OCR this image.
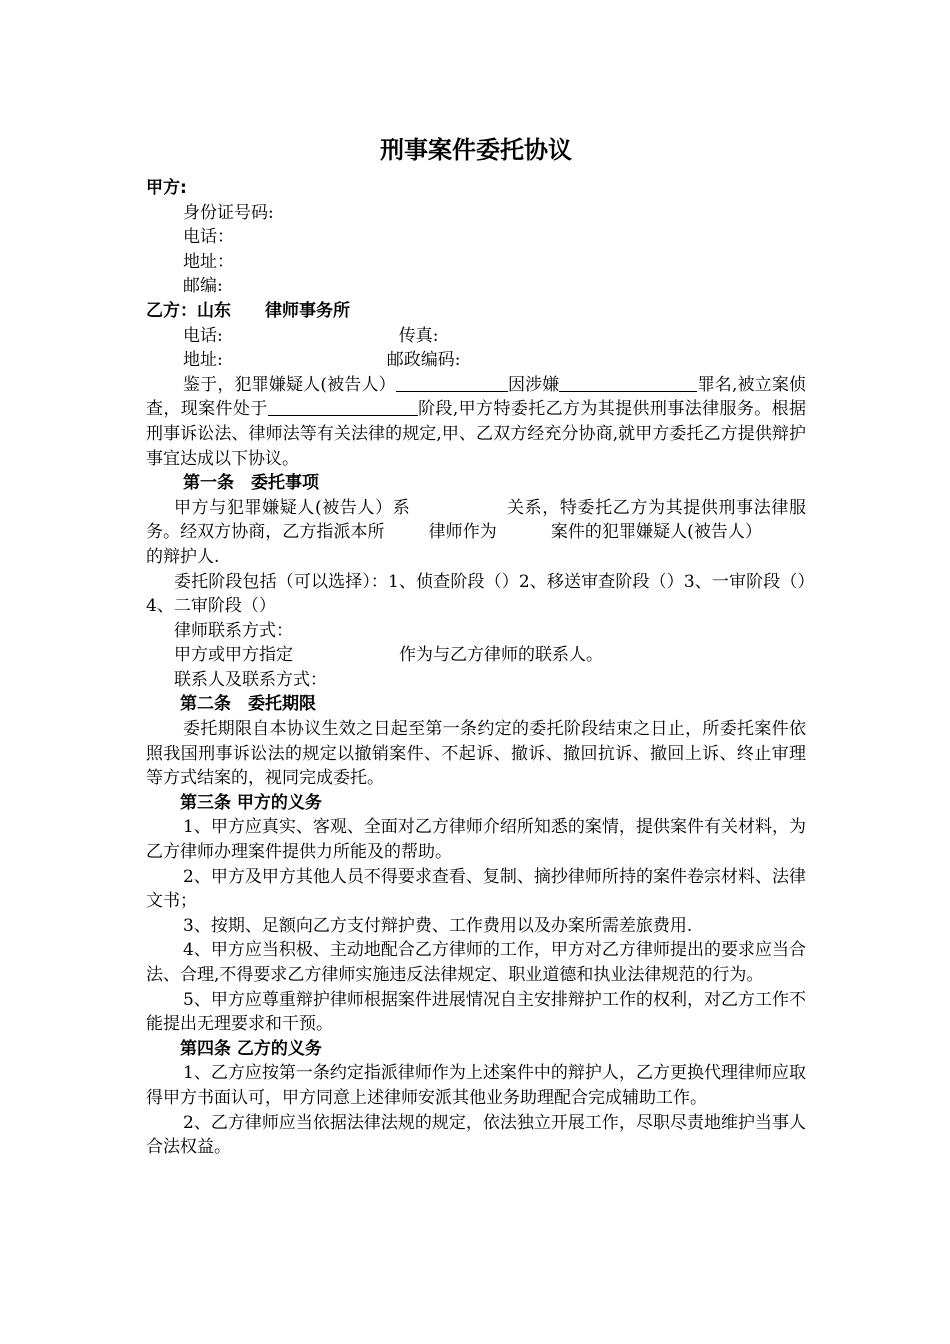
刑事案件委托协议
甲方:
身份证号码:
电话：
地址：
邮编:
乙方：山东 律师事务所
电话:	传真:
地址:	邮政编码:
鉴于，犯罪嫌疑人(被告人）	因涉嫌	罪名,被立案侦查，现案件处于	阶段,甲方特委托乙方为其提供刑事法律服务。根据刑事诉讼法、律师法等有关法律的规定,甲、乙双方经充分协商,就甲方委托乙方提供辩护事宜达成以下协议。
第一条　委托事项
甲方与犯罪嫌疑人(被告人）系	关系，特委托乙方为其提供刑事法律服务。经双方协商，乙方指派本所	律师作为	案件的犯罪嫌疑人(被告人）的辩护人.
委托阶段包括（可以选择）：1、侦查阶段（）2、移送审查阶段（）3、一审阶段（）4、二审阶段（）
律师联系方式：
甲方或甲方指定	作为与乙方律师的联系人。
联系人及联系方式：
第二条　委托期限
委托期限自本协议生效之日起至第一条约定的委托阶段结束之日止，所委托案件依照我国刑事诉讼法的规定以撤销案件、不起诉、撤诉、撤回抗诉、撤回上诉、终止审理等方式结案的，视同完成委托。
第三条 甲方的义务
1、甲方应真实、客观、全面对乙方律师介绍所知悉的案情，提供案件有关材料，为乙方律师办理案件提供力所能及的帮助。
2、甲方及甲方其他人员不得要求查看、复制、摘抄律师所持的案件卷宗材料、法律文书；
3、按期、足额向乙方支付辩护费、工作费用以及办案所需差旅费用.
4、甲方应当积极、主动地配合乙方律师的工作，甲方对乙方律师提出的要求应当合法、合理,不得要求乙方律师实施违反法律规定、职业道德和执业法律规范的行为。
5、甲方应尊重辩护律师根据案件进展情况自主安排辩护工作的权利，对乙方工作不能提出无理要求和干预。
第四条 乙方的义务
1、乙方应按第一条约定指派律师作为上述案件中的辩护人，乙方更换代理律师应取得甲方书面认可，甲方同意上述律师安派其他业务助理配合完成辅助工作。
2、乙方律师应当依据法律法规的规定，依法独立开展工作，尽职尽责地维护当事人合法权益。
